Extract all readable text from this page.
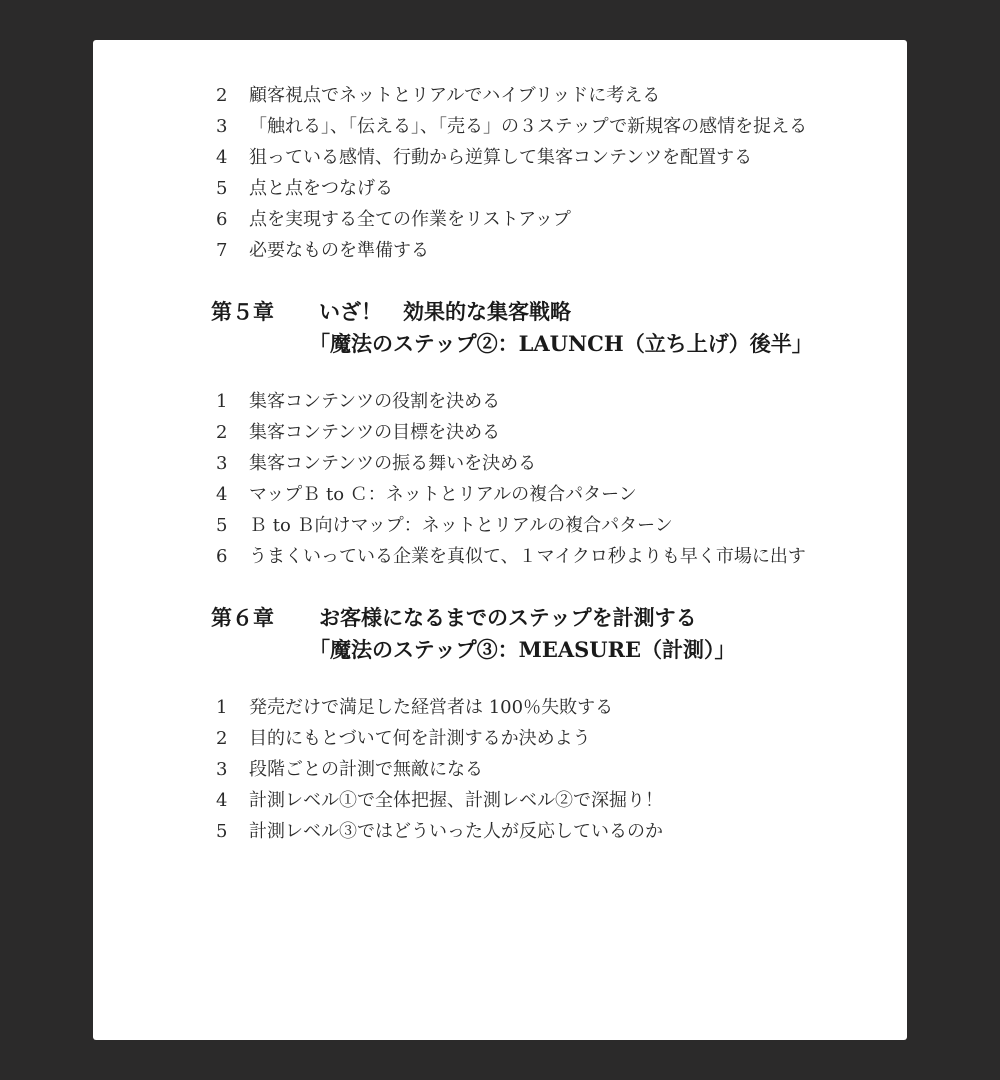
2	顧客視点でネットとリアルでハイブリッドに考える
3	「触れる」、「伝える」、「売る」の３ステップで新規客の感情を捉える
4	狙っている感情、行動から逆算して集客コンテンツを配置する
5	点と点をつなげる
6	点を実現する全ての作業をリストアップ
7	必要なものを準備する
第５章	いざ！　効果的な集客戦略
「魔法のステップ②：LAUNCH（立ち上げ）後半」
1	集客コンテンツの役割を決める
2	集客コンテンツの目標を決める
3	集客コンテンツの振る舞いを決める
4	マップＢ to Ｃ：ネットとリアルの複合パターン
5	Ｂ to Ｂ向けマップ：ネットとリアルの複合パターン
6	うまくいっている企業を真似て、１マイクロ秒よりも早く市場に出す
第６章	お客様になるまでのステップを計測する
「魔法のステップ③：MEASURE（計測）」
1	発売だけで満足した経営者は 100％失敗する
2	目的にもとづいて何を計測するか決めよう
3	段階ごとの計測で無敵になる
4	計測レベル①で全体把握、計測レベル②で深掘り！
5	計測レベル③ではどういった人が反応しているのか
